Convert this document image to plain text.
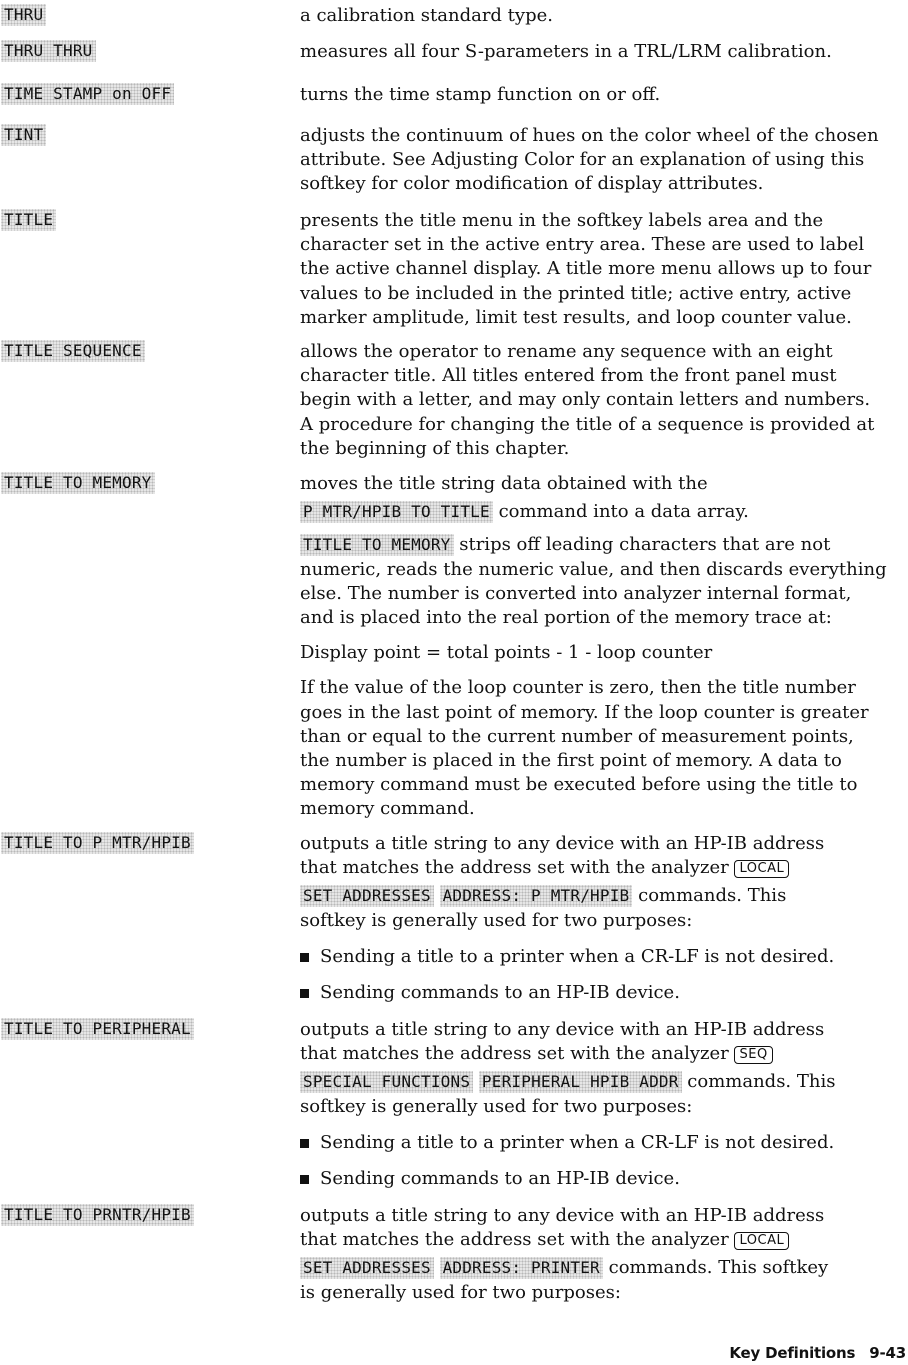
THRU	a calibration standard type.
THRU THRU	measures all four S-parameters in a TRL/LRM calibration.
TIME STAMP on OFF	turns the time stamp function on or off.
TINT	adjusts the continuum of hues on the color wheel of the chosen
attribute. See Adjusting Color for an explanation of using this
softkey for color modification of display attributes.
TITLE	presents the title menu in the softkey labels area and the
character set in the active entry area. These are used to label
the active channel display. A title more menu allows up to four
values to be included in the printed title; active entry, active
marker amplitude, limit test results, and loop counter value.
TITLE SEQUENCE	allows the operator to rename any sequence with an eight
character title. All titles entered from the front panel must
begin with a letter, and may only contain letters and numbers.
A procedure for changing the title of a sequence is provided at
the beginning of this chapter.
TITLE TO MEMORY	moves the title string data obtained with the
P MTR/HPIB TO TITLE command into a data array.
TITLE TO MEMORY strips off leading characters that are not
numeric, reads the numeric value, and then discards everything
else. The number is converted into analyzer internal format,
and is placed into the real portion of the memory trace at:
Display point = total points - 1 - loop counter
If the value of the loop counter is zero, then the title number
goes in the last point of memory. If the loop counter is greater
than or equal to the current number of measurement points,
the number is placed in the first point of memory. A data to
memory command must be executed before using the title to
memory command.
TITLE TO P MTR/HPIB	outputs a title string to any device with an HP-IB address
that matches the address set with the analyzer LOCAL
SET ADDRESSES ADDRESS: P MTR/HPIB commands. This
softkey is generally used for two purposes:
Sending a title to a printer when a CR-LF is not desired.
Sending commands to an HP-IB device.
TITLE TO PERIPHERAL	outputs a title string to any device with an HP-IB address
that matches the address set with the analyzer SEQ
SPECIAL FUNCTIONS PERIPHERAL HPIB ADDR commands. This
softkey is generally used for two purposes:
Sending a title to a printer when a CR-LF is not desired.
Sending commands to an HP-IB device.
TITLE TO PRNTR/HPIB	outputs a title string to any device with an HP-IB address
that matches the address set with the analyzer LOCAL
SET ADDRESSES ADDRESS: PRINTER commands. This softkey
is generally used for two purposes:
Key Definitions 9-43
